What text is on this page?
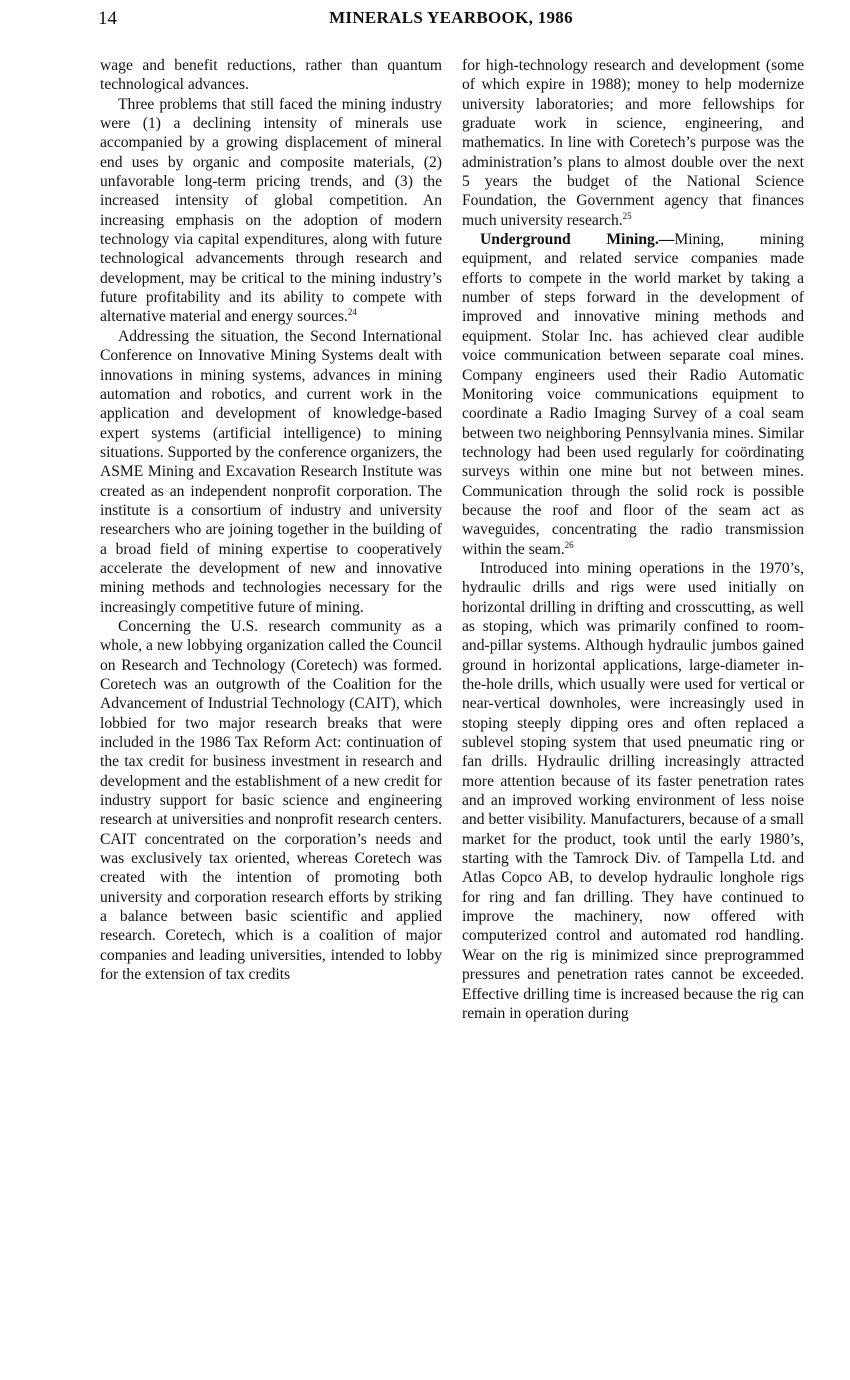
14	MINERALS YEARBOOK, 1986

wage and benefit reductions, rather than quantum technological advances.

Three problems that still faced the mining industry were (1) a declining intensity of minerals use accompanied by a growing displacement of mineral end uses by organic and composite materials, (2) unfavorable long-term pricing trends, and (3) the increased intensity of global competition. An increasing emphasis on the adoption of modern technology via capital expenditures, along with future technological advancements through research and development, may be critical to the mining industry’s future profitability and its ability to compete with alternative material and energy sources.$^{24}$

Addressing the situation, the Second International Conference on Innovative Mining Systems dealt with innovations in mining systems, advances in mining automation and robotics, and current work in the application and development of knowledge-based expert systems (artificial intelligence) to mining situations. Supported by the conference organizers, the ASME Mining and Excavation Research Institute was created as an independent nonprofit corporation. The institute is a consortium of industry and university researchers who are joining together in the building of a broad field of mining expertise to cooperatively accelerate the development of new and innovative mining methods and technologies necessary for the increasingly competitive future of mining.

Concerning the U.S. research community as a whole, a new lobbying organization called the Council on Research and Technology (Coretech) was formed. Coretech was an outgrowth of the Coalition for the Advancement of Industrial Technology (CAIT), which lobbied for two major research breaks that were included in the 1986 Tax Reform Act: continuation of the tax credit for business investment in research and development and the establishment of a new credit for industry support for basic science and engineering research at universities and nonprofit research centers. CAIT concentrated on the corporation’s needs and was exclusively tax oriented, whereas Coretech was created with the intention of promoting both university and corporation research efforts by striking a balance between basic scientific and applied research. Coretech, which is a coalition of major companies and leading universities, intended to lobby for the extension of tax credits

for high-technology research and development (some of which expire in 1988); money to help modernize university laboratories; and more fellowships for graduate work in science, engineering, and mathematics. In line with Coretech’s purpose was the administration’s plans to almost double over the next 5 years the budget of the National Science Foundation, the Government agency that finances much university research.$^{25}$

Underground Mining.—Mining, mining equipment, and related service companies made efforts to compete in the world market by taking a number of steps forward in the development of improved and innovative mining methods and equipment. Stolar Inc. has achieved clear audible voice communication between separate coal mines. Company engineers used their Radio Automatic Monitoring voice communications equipment to coordinate a Radio Imaging Survey of a coal seam between two neighboring Pennsylvania mines. Similar technology had been used regularly for coördinating surveys within one mine but not between mines. Communication through the solid rock is possible because the roof and floor of the seam act as waveguides, concentrating the radio transmission within the seam.$^{26}$

Introduced into mining operations in the 1970’s, hydraulic drills and rigs were used initially on horizontal drilling in drifting and crosscutting, as well as stoping, which was primarily confined to room-and-pillar systems. Although hydraulic jumbos gained ground in horizontal applications, large-diameter in-the-hole drills, which usually were used for vertical or near-vertical downholes, were increasingly used in stoping steeply dipping ores and often replaced a sublevel stoping system that used pneumatic ring or fan drills. Hydraulic drilling increasingly attracted more attention because of its faster penetration rates and an improved working environment of less noise and better visibility. Manufacturers, because of a small market for the product, took until the early 1980’s, starting with the Tamrock Div. of Tampella Ltd. and Atlas Copco AB, to develop hydraulic longhole rigs for ring and fan drilling. They have continued to improve the machinery, now offered with computerized control and automated rod handling. Wear on the rig is minimized since preprogrammed pressures and penetration rates cannot be exceeded. Effective drilling time is increased because the rig can remain in operation during
